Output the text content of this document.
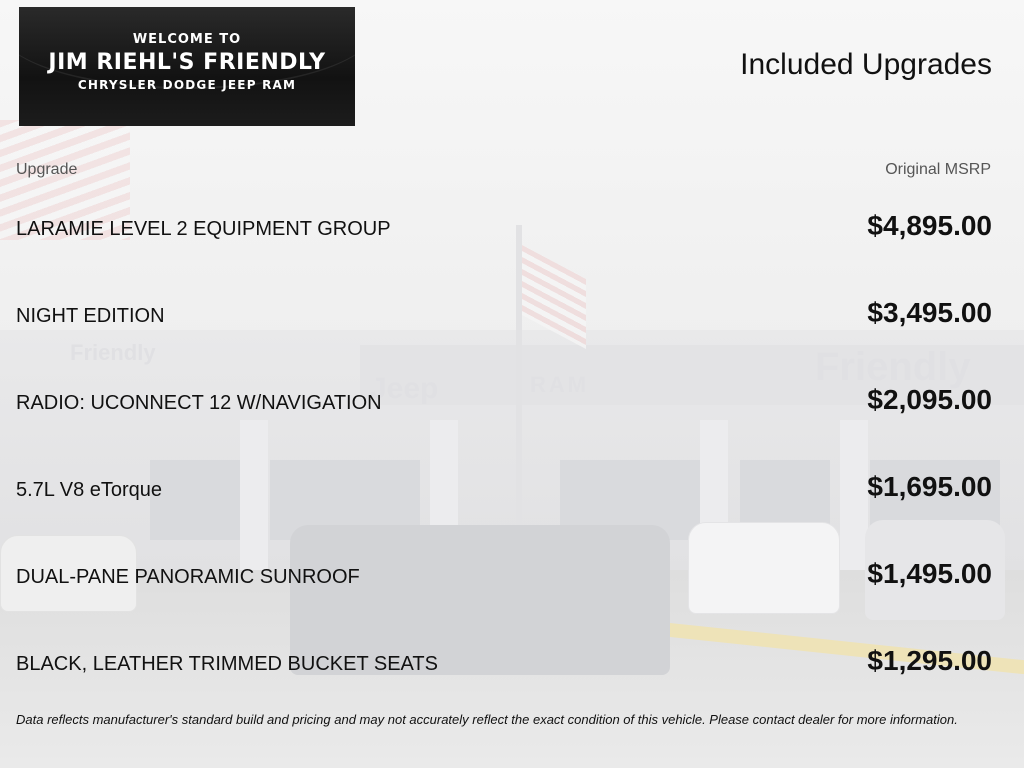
Jeep	RAM	Friendly
Friendly
WELCOME TO
JIM RIEHL'S FRIENDLY
CHRYSLER DODGE JEEP RAM
Included Upgrades
Upgrade	Original MSRP
LARAMIE LEVEL 2 EQUIPMENT GROUP	$4,895.00
NIGHT EDITION	$3,495.00
RADIO: UCONNECT 12 W/NAVIGATION	$2,095.00
5.7L V8 eTorque	$1,695.00
DUAL-PANE PANORAMIC SUNROOF	$1,495.00
BLACK, LEATHER TRIMMED BUCKET SEATS	$1,295.00
Data reflects manufacturer's standard build and pricing and may not accurately reflect the exact condition of this vehicle. Please contact dealer for more information.
